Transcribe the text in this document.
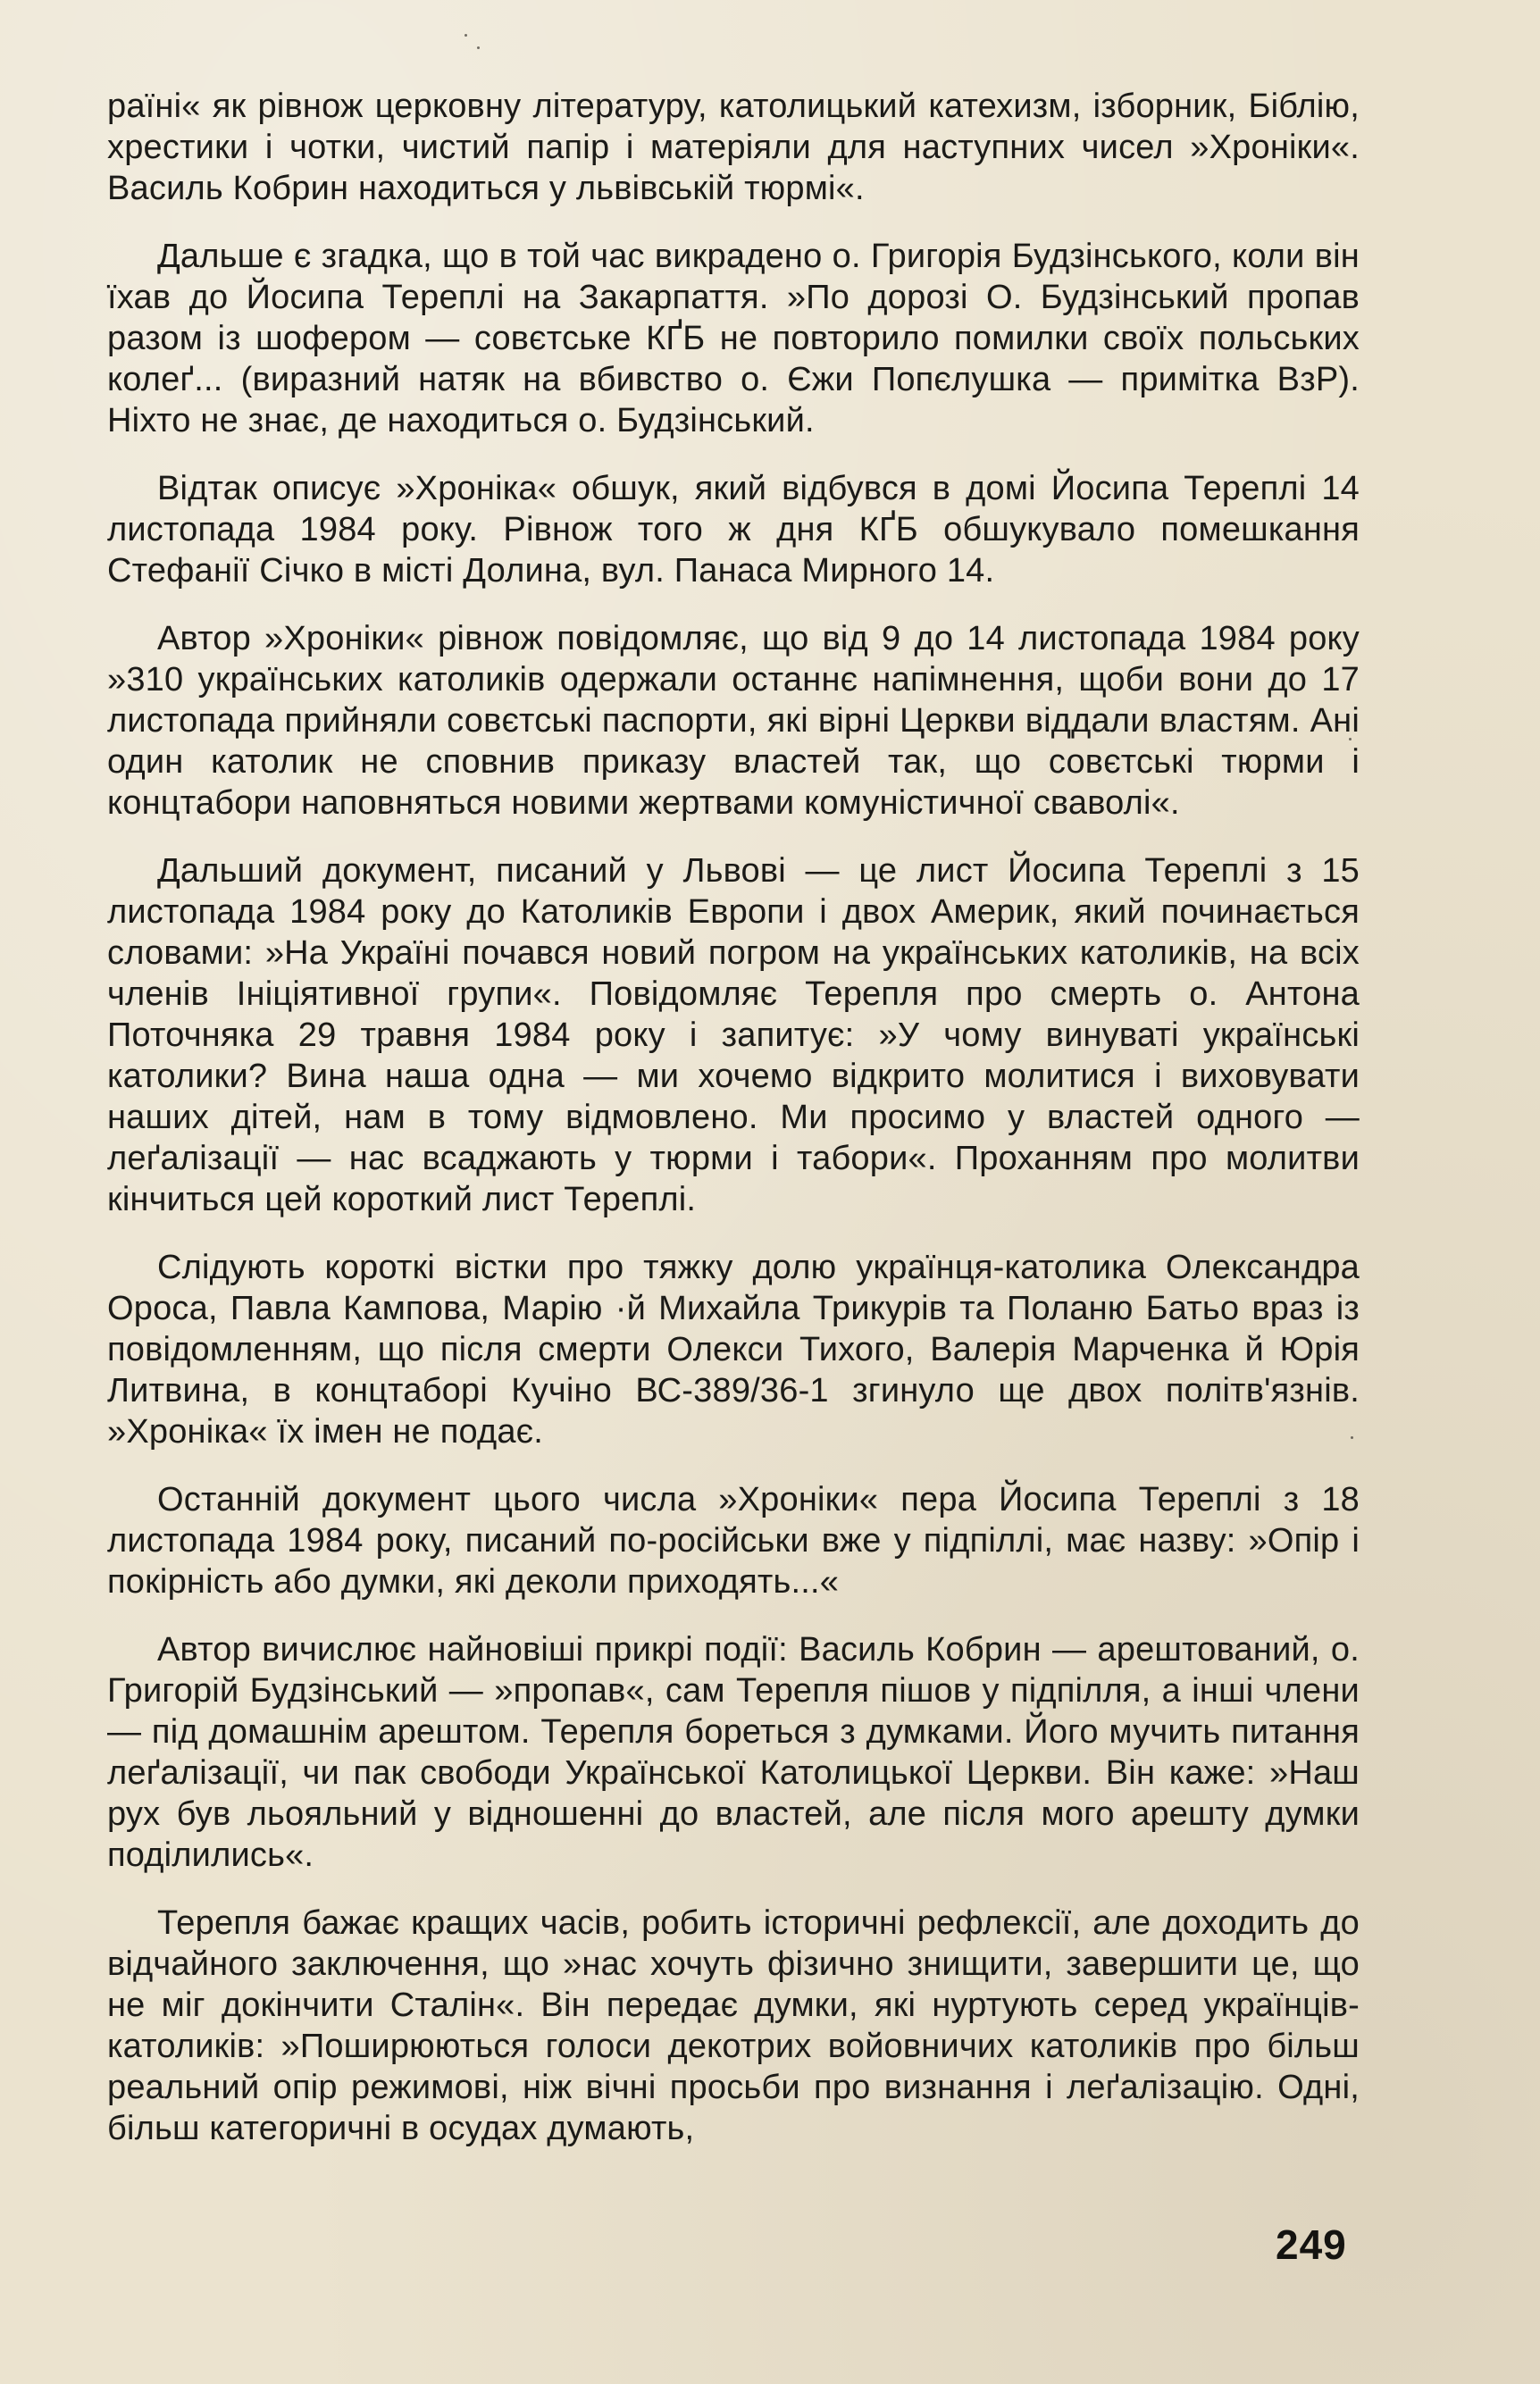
раїні« як рівнож церковну літературу, католицький катехизм, ізборник, Біблію, хрестики і чотки, чистий папір і матеріяли для наступних чисел »Хроніки«. Василь Кобрин находиться у львівській тюрмі«.

Дальше є згадка, що в той час викрадено о. Григорія Будзінського, коли він їхав до Йосипа Тереплі на Закарпаття. »По дорозі О. Будзінський пропав разом із шофером — совєтське КҐБ не повторило помилки своїх польських колеґ... (виразний натяк на вбивство о. Єжи Попєлушка — примітка ВзР). Ніхто не знає, де находиться о. Будзінський.

Відтак описує »Хроніка« обшук, який відбувся в домі Йосипа Тереплі 14 листопада 1984 року. Рівнож того ж дня КҐБ обшукувало помешкання Стефанії Січко в місті Долина, вул. Панаса Мирного 14.

Автор »Хроніки« рівнож повідомляє, що від 9 до 14 листопада 1984 року »310 українських католиків одержали останнє напімнення, щоби вони до 17 листопада прийняли совєтські паспорти, які вірні Церкви віддали властям. Ані один католик не сповнив приказу властей так, що совєтські тюрми і концтабори наповняться новими жертвами комуністичної сваволі«.

Дальший документ, писаний у Львові — це лист Йосипа Тереплі з 15 листопада 1984 року до Католиків Европи і двох Америк, який починається словами: »На Україні почався новий погром на українських католиків, на всіх членів Ініціятивної групи«. Повідомляє Терепля про смерть о. Антона Поточняка 29 травня 1984 року і запитує: »У чому винуваті українські католики? Вина наша одна — ми хочемо відкрито молитися і виховувати наших дітей, нам в тому відмовлено. Ми просимо у властей одного — леґалізації — нас всаджають у тюрми і табори«. Проханням про молитви кінчиться цей короткий лист Тереплі.

Слідують короткі вістки про тяжку долю українця-католика Олександра Ороса, Павла Кампова, Марію ·й Михайла Трикурів та Поланю Батьо враз із повідомленням, що після смерти Олекси Тихого, Валерія Марченка й Юрія Литвина, в концтаборі Кучіно ВС-389/36-1 згинуло ще двох політв'язнів. »Хроніка« їх імен не подає.

Останній документ цього числа »Хроніки« пера Йосипа Тереплі з 18 листопада 1984 року, писаний по-російськи вже у підпіллі, має назву: »Опір і покірність або думки, які деколи приходять...«

Автор вичислює найновіші прикрі події: Василь Кобрин — арештований, о. Григорій Будзінський — »пропав«, сам Терепля пішов у підпілля, а інші члени — під домашнім арештом. Терепля бореться з думками. Його мучить питання леґалізації, чи пак свободи Української Католицької Церкви. Він каже: »Наш рух був льояльний у відношенні до властей, але після мого арешту думки поділились«.

Терепля бажає кращих часів, робить історичні рефлексії, але доходить до відчайного заключення, що »нас хочуть фізично знищити, завершити це, що не міг докінчити Сталін«. Він передає думки, які нуртують серед українців-католиків: »Поширюються голоси декотрих войовничих католиків про більш реальний опір режимові, ніж вічні просьби про визнання і леґалізацію. Одні, більш категоричні в осудах думають,

249
